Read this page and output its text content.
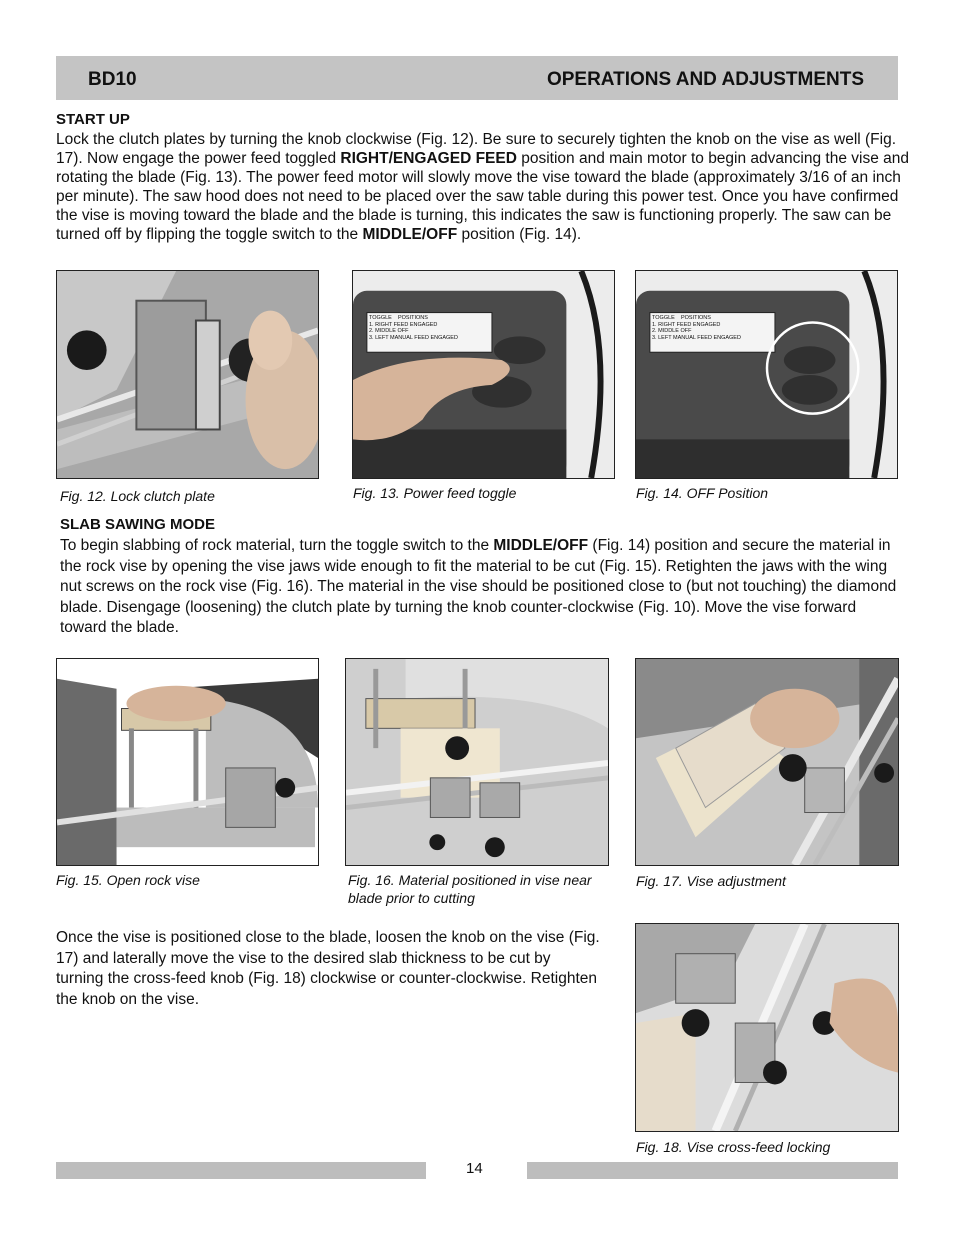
BD10	OPERATIONS AND ADJUSTMENTS
START UP
Lock the clutch plates by turning the knob clockwise (Fig. 12). Be sure to securely tighten the knob on the vise as well (Fig. 17). Now engage the power feed toggled RIGHT/ENGAGED FEED position and main motor to begin advancing the vise and rotating the blade (Fig. 13). The power feed motor will slowly move the vise toward the blade (approximately 3/16 of an inch per minute). The saw hood does not need to be placed over the saw table during this power test. Once you have confirmed the vise is moving toward the blade and the blade is turning, this indicates the saw is functioning properly. The saw can be turned off by flipping the toggle switch to the MIDDLE/OFF position (Fig. 14).
Fig. 12. Lock clutch plate
TOGGLE POSITIONS
1. RIGHT FEED ENGAGED
2. MIDDLE OFF
3. LEFT MANUAL FEED ENGAGED
Fig. 13. Power feed toggle
TOGGLE POSITIONS
1. RIGHT FEED ENGAGED
2. MIDDLE OFF
3. LEFT MANUAL FEED ENGAGED
Fig. 14. OFF Position
SLAB SAWING MODE
To begin slabbing of rock material, turn the toggle switch to the MIDDLE/OFF (Fig. 14) position and secure the material in the rock vise by opening the vise jaws wide enough to fit the material to be cut (Fig. 15). Retighten the jaws with the wing nut screws on the rock vise (Fig. 16). The material in the vise should be positioned close to (but not touching) the diamond blade. Disengage (loosening) the clutch plate by turning the knob counter-clockwise (Fig. 10). Move the vise forward toward the blade.
Fig. 15. Open rock vise	Fig. 16. Material positioned in vise near blade prior to cutting
Fig. 17. Vise adjustment
Once the vise is positioned close to the blade, loosen the knob on the vise (Fig. 17) and laterally move the vise to the desired slab thickness to be cut by turning the cross-feed knob (Fig. 18) clockwise or counter-clockwise. Retighten the knob on the vise.
Fig. 18. Vise cross-feed locking
14
